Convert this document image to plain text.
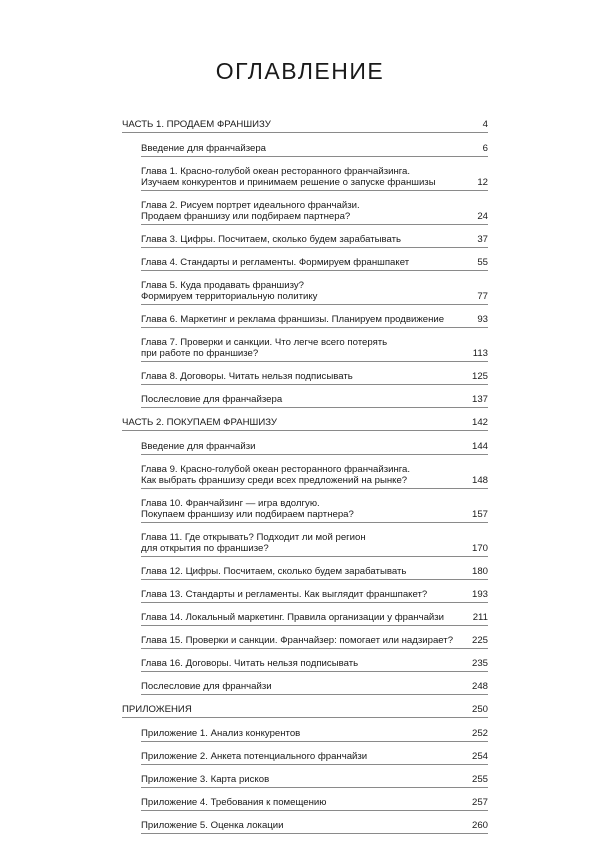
ОГЛАВЛЕНИЕ
ЧАСТЬ 1. ПРОДАЕМ ФРАНШИЗУ	4
Введение для франчайзера	6
Глава 1. Красно-голубой океан ресторанного франчайзинга.
Изучаем конкурентов и принимаем решение о запуске франшизы	12
Глава 2. Рисуем портрет идеального франчайзи.
Продаем франшизу или подбираем партнера?	24
Глава 3. Цифры. Посчитаем, сколько будем зарабатывать	37
Глава 4. Стандарты и регламенты. Формируем франшпакет	55
Глава 5. Куда продавать франшизу?
Формируем территориальную политику	77
Глава 6. Маркетинг и реклама франшизы. Планируем продвижение	93
Глава 7. Проверки и санкции. Что легче всего потерять
при работе по франшизе?	113
Глава 8. Договоры. Читать нельзя подписывать	125
Послесловие для франчайзера	137
ЧАСТЬ 2. ПОКУПАЕМ ФРАНШИЗУ	142
Введение для франчайзи	144
Глава 9. Красно-голубой океан ресторанного франчайзинга.
Как выбрать франшизу среди всех предложений на рынке?	148
Глава 10. Франчайзинг — игра вдолгую.
Покупаем франшизу или подбираем партнера?	157
Глава 11. Где открывать? Подходит ли мой регион
для открытия по франшизе?	170
Глава 12. Цифры. Посчитаем, сколько будем зарабатывать	180
Глава 13. Стандарты и регламенты. Как выглядит франшпакет?	193
Глава 14. Локальный маркетинг. Правила организации у франчайзи	211
Глава 15. Проверки и санкции. Франчайзер: помогает или надзирает?	225
Глава 16. Договоры. Читать нельзя подписывать	235
Послесловие для франчайзи	248
ПРИЛОЖЕНИЯ	250
Приложение 1. Анализ конкурентов	252
Приложение 2. Анкета потенциального франчайзи	254
Приложение 3. Карта рисков	255
Приложение 4. Требования к помещению	257
Приложение 5. Оценка локации	260
